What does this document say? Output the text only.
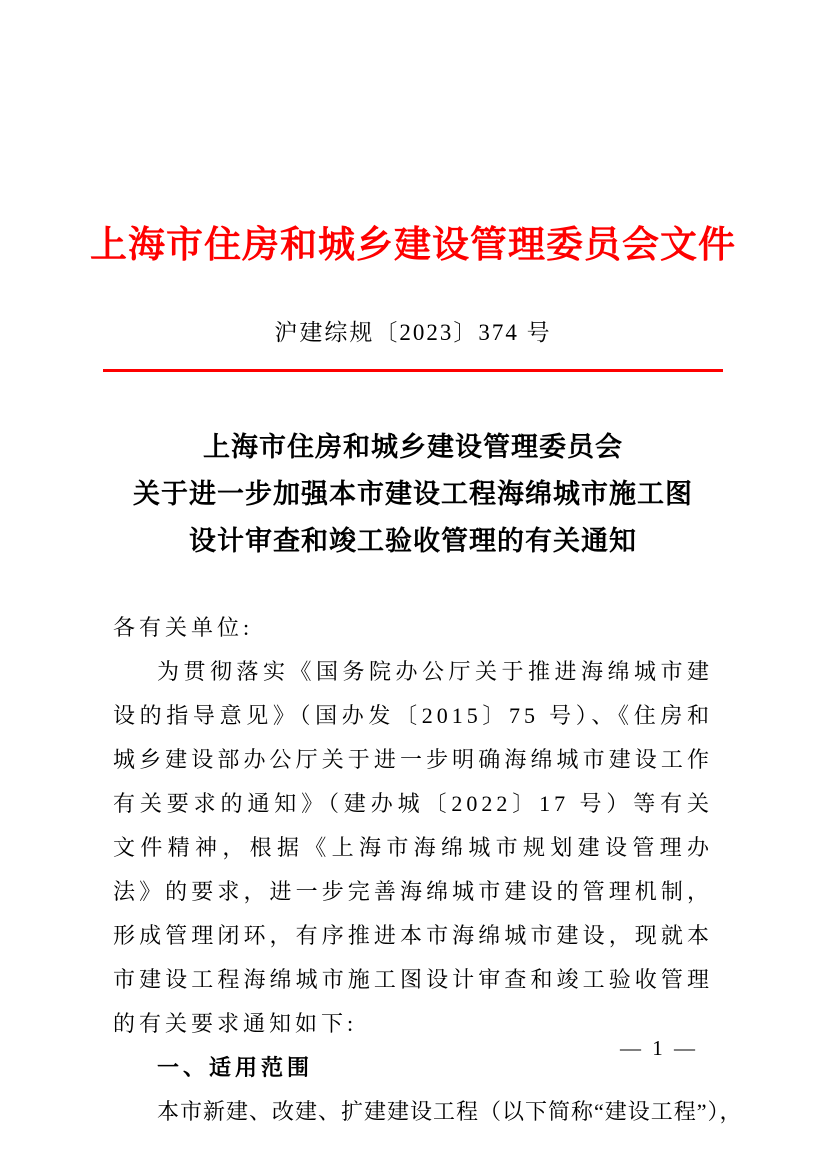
上海市住房和城乡建设管理委员会文件
沪建综规〔2023〕374 号
上海市住房和城乡建设管理委员会
关于进一步加强本市建设工程海绵城市施工图
设计审查和竣工验收管理的有关通知

各有关单位:

为贯彻落实《国务院办公厅关于推进海绵城市建设的指导意见》（国办发〔2015〕75 号）、《住房和城乡建设部办公厅关于进一步明确海绵城市建设工作有关要求的通知》（建办城〔2022〕17 号）等有关文件精神，根据《上海市海绵城市规划建设管理办法》的要求，进一步完善海绵城市建设的管理机制，形成管理闭环，有序推进本市海绵城市建设，现就本市建设工程海绵城市施工图设计审查和竣工验收管理的有关要求通知如下:

一、适用范围

本市新建、改建、扩建建设工程（以下简称“建设工程”），

— 1 —
